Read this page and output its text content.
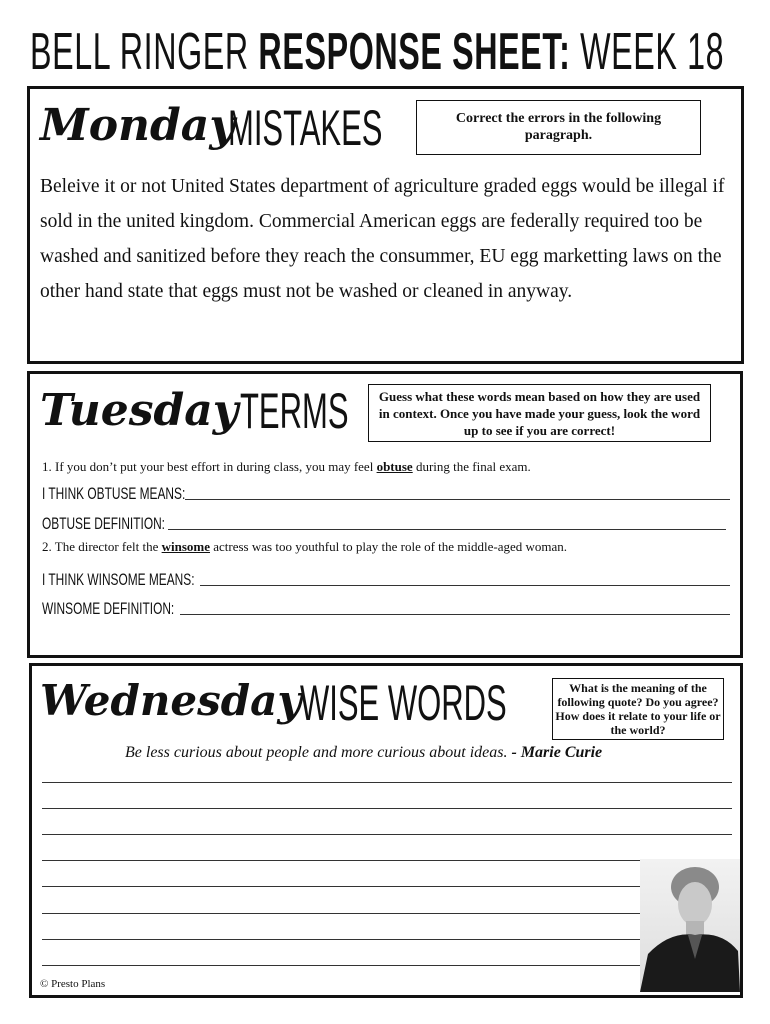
BELL RINGER RESPONSE SHEET: WEEK 18
Monday
MISTAKES	Correct the errors in the following paragraph.
Beleive it or not United States department of agriculture graded eggs would be illegal if sold in the united kingdom. Commercial American eggs are federally required too be washed and sanitized before they reach the consummer, EU egg marketting laws on the other hand state that eggs must not be washed or cleaned in anyway.
Tuesday TERMS	Guess what these words mean based on how they are used in context. Once you have made your guess, look the word up to see if you are correct!
1. If you don’t put your best effort in during class, you may feel obtuse during the final exam.
I THINK OBTUSE MEANS:
OBTUSE DEFINITION:
2. The director felt the winsome actress was too youthful to play the role of the middle-aged woman.
I THINK WINSOME MEANS:
WINSOME DEFINITION:
Wednesday
WISE WORDS	What is the meaning of the following quote? Do you agree? How does it relate to your life or the world?
Be less curious about people and more curious about ideas. - Marie Curie
© Presto Plans
